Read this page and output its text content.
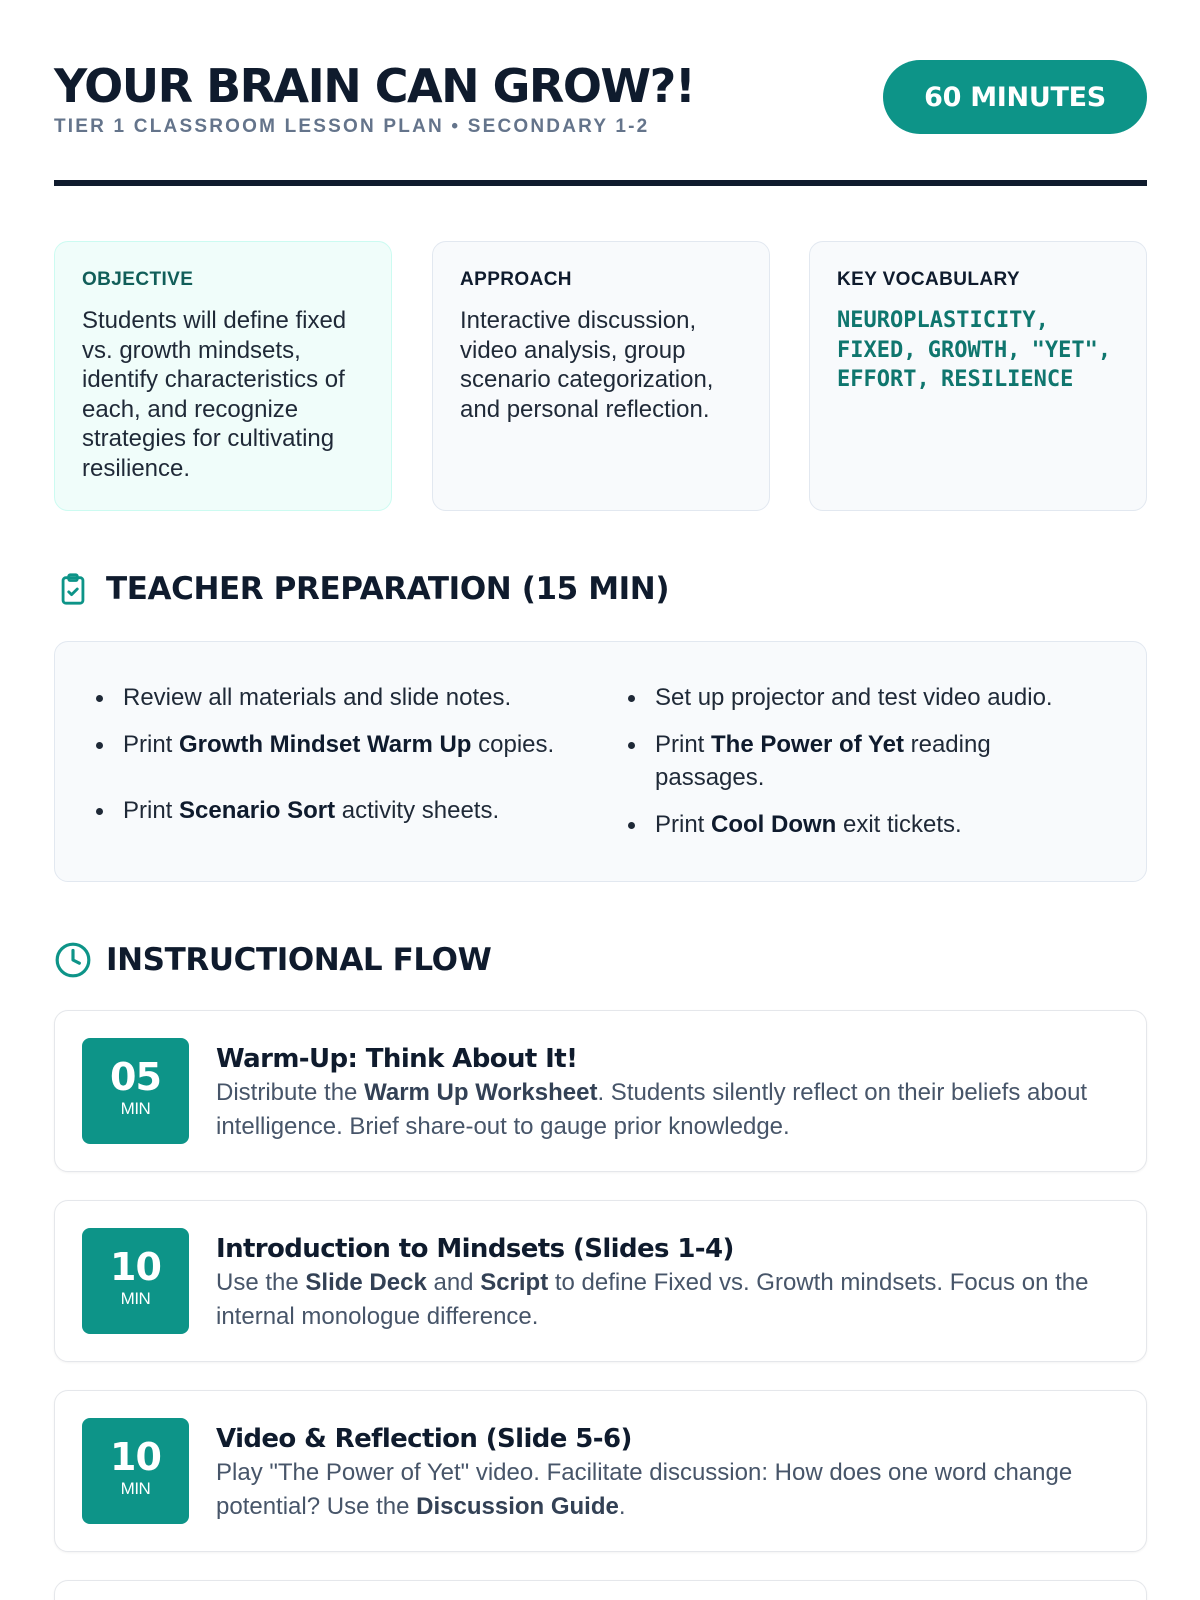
YOUR BRAIN CAN GROW?!
TIER 1 CLASSROOM LESSON PLAN • SECONDARY 1-2
60 MINUTES
OBJECTIVE
Students will define fixed vs. growth mindsets, identify characteristics of each, and recognize strategies for cultivating resilience.
APPROACH
Interactive discussion, video analysis, group scenario categorization, and personal reflection.
KEY VOCABULARY
NEUROPLASTICITY, FIXED, GROWTH, "YET", EFFORT, RESILIENCE
TEACHER PREPARATION (15 MIN)
Review all materials and slide notes.
Print Growth Mindset Warm Up copies.
Print Scenario Sort activity sheets.
Set up projector and test video audio.
Print The Power of Yet reading passages.
Print Cool Down exit tickets.
INSTRUCTIONAL FLOW
05
MIN
Warm-Up: Think About It!
Distribute the Warm Up Worksheet. Students silently reflect on their beliefs about intelligence. Brief share-out to gauge prior knowledge.
10
MIN
Introduction to Mindsets (Slides 1-4)
Use the Slide Deck and Script to define Fixed vs. Growth mindsets. Focus on the internal monologue difference.
10
MIN
Video & Reflection (Slide 5-6)
Play "The Power of Yet" video. Facilitate discussion: How does one word change potential? Use the Discussion Guide.
